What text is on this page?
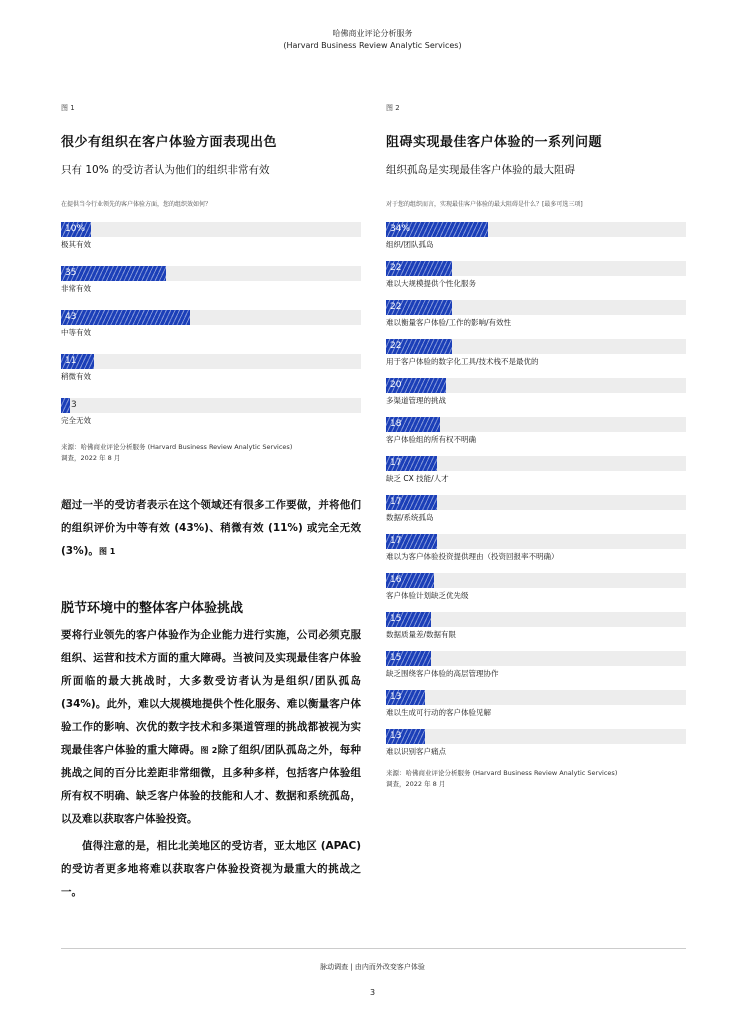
哈佛商业评论分析服务
(Harvard Business Review Analytic Services)
图 1
很少有组织在客户体验方面表现出色
只有 10% 的受访者认为他们的组织非常有效
在提供当今行业领先的客户体验方面，您的组织效如何？
10%
极其有效
35
非常有效
43
中等有效
11
稍微有效
3
完全无效
来源：哈佛商业评论分析服务 (Harvard Business Review Analytic Services)
调查，2022 年 8 月
超过一半的受访者表示在这个领域还有很多工作要做，并将他们的组织评价为中等有效 (43%)、稍微有效 (11%) 或完全无效 (3%)。图 1
脱节环境中的整体客户体验挑战
要将行业领先的客户体验作为企业能力进行实施，公司必须克服组织、运营和技术方面的重大障碍。当被问及实现最佳客户体验所面临的最大挑战时，大多数受访者认为是组织/团队孤岛 (34%)。此外，难以大规模地提供个性化服务、难以衡量客户体验工作的影响、次优的数字技术和多渠道管理的挑战都被视为实现最佳客户体验的重大障碍。图 2除了组织/团队孤岛之外，每种挑战之间的百分比差距非常细微，且多种多样，包括客户体验组所有权不明确、缺乏客户体验的技能和人才、数据和系统孤岛，以及难以获取客户体验投资。
值得注意的是，相比北美地区的受访者，亚太地区 (APAC) 的受访者更多地将难以获取客户体验投资视为最重大的挑战之一。
图 2
阻碍实现最佳客户体验的一系列问题
组织孤岛是实现最佳客户体验的最大阻碍
对于您的组织而言，实现最佳客户体验的最大阻碍是什么？[最多可选三项]
34%
组织/团队孤岛
22
难以大规模提供个性化服务
22
难以衡量客户体验/工作的影响/有效性
22
用于客户体验的数字化工具/技术栈不是最优的
20
多渠道管理的挑战
18
客户体验组的所有权不明确
17
缺乏 CX 技能/人才
17
数据/系统孤岛
17
难以为客户体验投资提供理由（投资回报率不明确）
16
客户体验计划缺乏优先级
15
数据质量差/数据有限
15
缺乏围绕客户体验的高层管理协作
13
难以生成可行动的客户体验见解
13
难以识别客户痛点
来源：哈佛商业评论分析服务 (Harvard Business Review Analytic Services)
调查，2022 年 8 月
脉动调查 | 由内而外改变客户体验
3
